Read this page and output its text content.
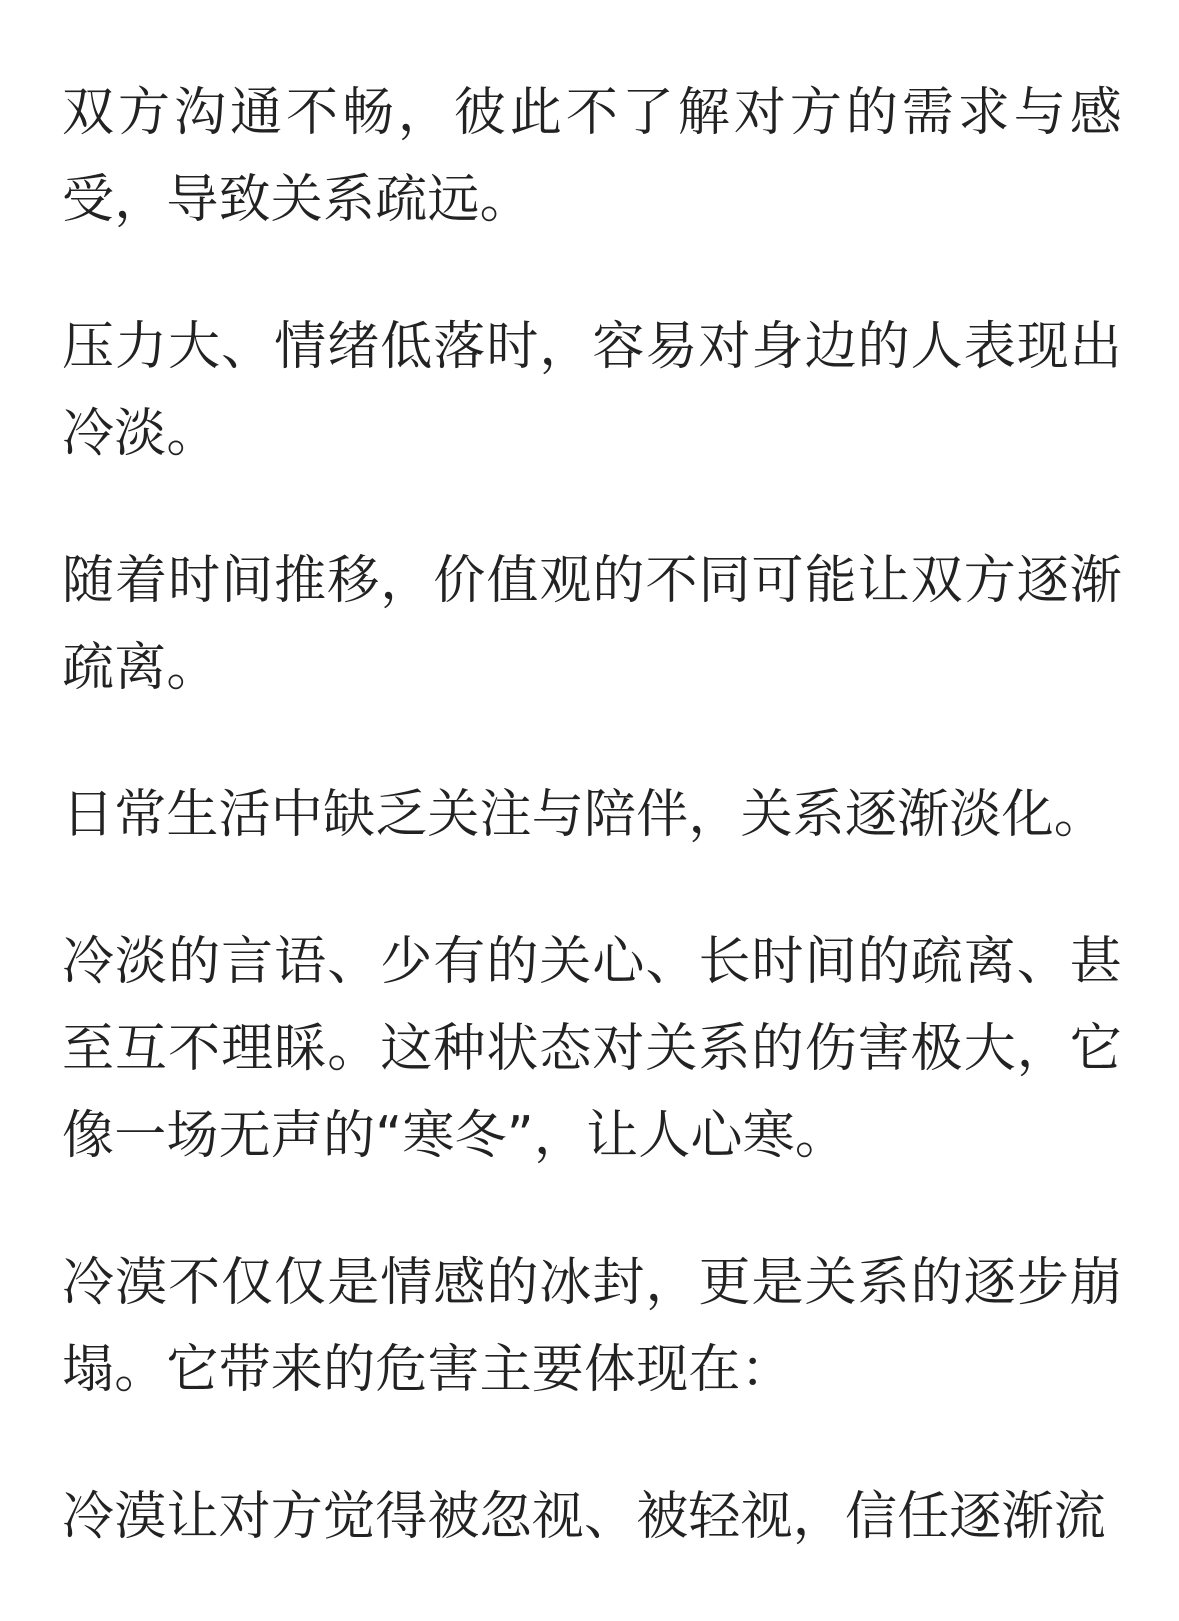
双方沟通不畅，彼此不了解对方的需求与感受，导致关系疏远。

压力大、情绪低落时，容易对身边的人表现出冷淡。

随着时间推移，价值观的不同可能让双方逐渐疏离。

日常生活中缺乏关注与陪伴，关系逐渐淡化。

冷淡的言语、少有的关心、长时间的疏离、甚至互不理睬。这种状态对关系的伤害极大，它像一场无声的“寒冬”，让人心寒。

冷漠不仅仅是情感的冰封，更是关系的逐步崩塌。它带来的危害主要体现在：

冷漠让对方觉得被忽视、被轻视，信任逐渐流
